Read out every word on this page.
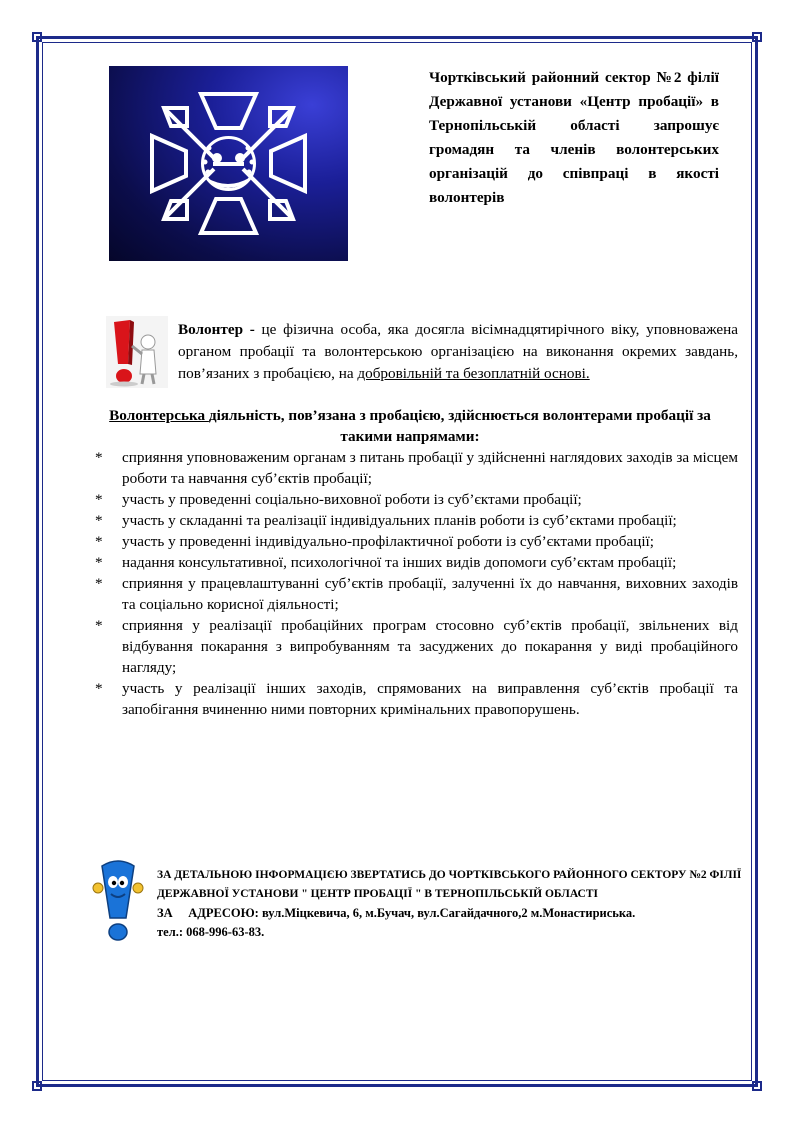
Чортківський районний сектор №2 філії Державної установи «Центр пробації» в Тернопільській області запрошує громадян та членів волонтерських організацій до співпраці в якості волонтерів
Волонтер - це фізична особа, яка досягла вісімнадцятирічного віку, уповноважена органом пробації та волонтерською організацією на виконання окремих завдань, пов’язаних з пробацією, на добровільній та безоплатній основі.
Волонтерська діяльність, пов’язана з пробацією, здійснюється волонтерами пробації за такими напрямами:
* сприяння уповноваженим органам з питань пробації у здійсненні наглядових заходів за місцем роботи та навчання суб’єктів пробації;
* участь у проведенні соціально-виховної роботи із суб’єктами пробації;
* участь у складанні та реалізації індивідуальних планів роботи із суб’єктами пробації;
* участь у проведенні індивідуально-профілактичної роботи із суб’єктами пробації;
* надання консультативної, психологічної та інших видів допомоги суб’єктам пробації;
* сприяння у працевлаштуванні суб’єктів пробації, залученні їх до навчання, виховних заходів та соціально корисної діяльності;
* сприяння у реалізації пробаційних програм стосовно суб’єктів пробації, звільнених від відбування покарання з випробуванням та засуджених до покарання у виді пробаційного нагляду;
* участь у реалізації інших заходів, спрямованих на виправлення суб’єктів пробації та запобігання вчиненню ними повторних кримінальних правопорушень.
ЗА ДЕТАЛЬНОЮ ІНФОРМАЦІЄЮ ЗВЕРТАТИСЬ ДО ЧОРТКІВСЬКОГО РАЙОННОГО СЕКТОРУ №2 ФІЛІЇ ДЕРЖАВНОЇ УСТАНОВИ " ЦЕНТР ПРОБАЦІЇ " В ТЕРНОПІЛЬСЬКІЙ ОБЛАСТІ
ЗА     АДРЕСОЮ: вул.Міцкевича, 6, м.Бучач, вул.Сагайдачного,2 м.Монастириська.
тел.: 068-996-63-83.
